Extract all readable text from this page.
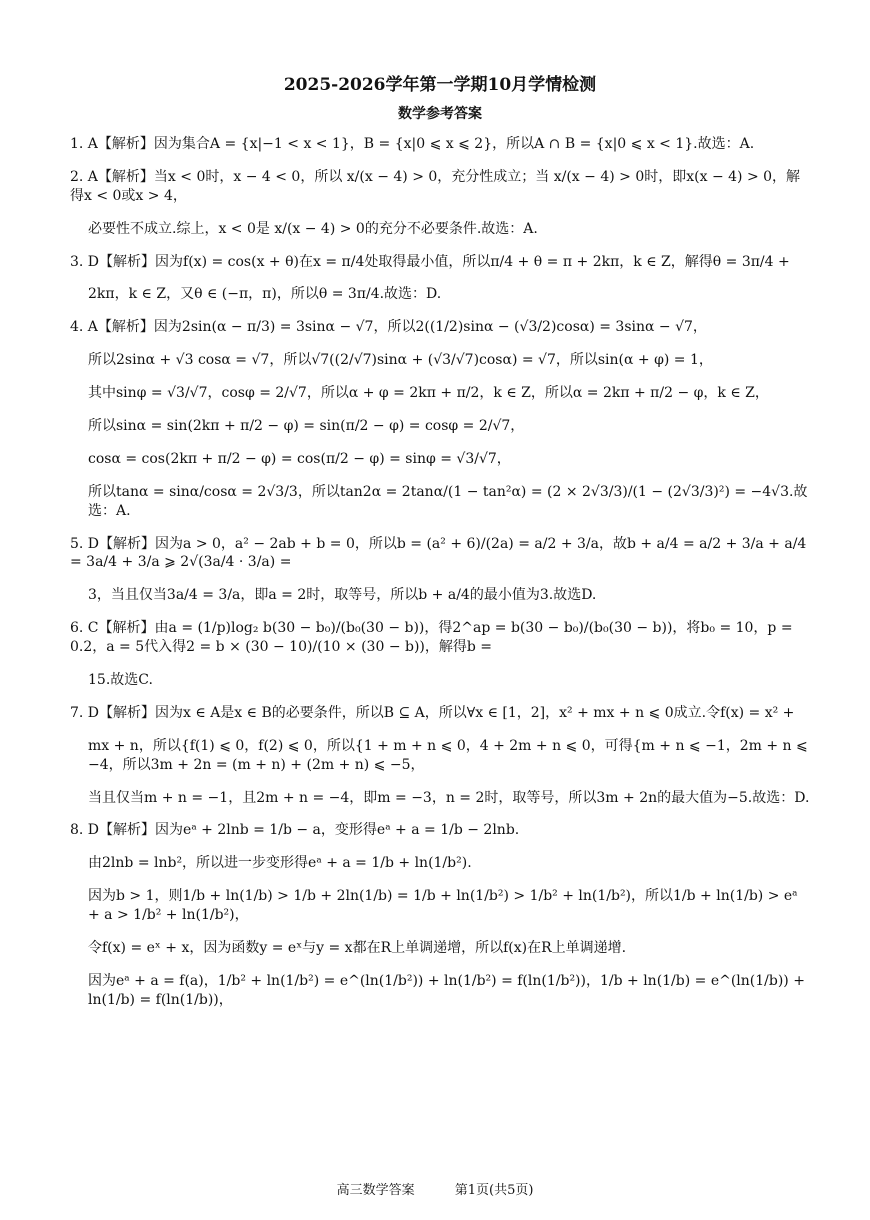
2025-2026学年第一学期10月学情检测
数学参考答案
1. A【解析】因为集合A = {x|−1 < x < 1}，B = {x|0 ⩽ x ⩽ 2}，所以A ∩ B = {x|0 ⩽ x < 1}.故选：A.
2. A【解析】当x < 0时，x − 4 < 0，所以 x/(x − 4) > 0，充分性成立；当 x/(x − 4) > 0时，即x(x − 4) > 0，解得x < 0或x > 4，
必要性不成立.综上，x < 0是 x/(x − 4) > 0的充分不必要条件.故选：A.
3. D【解析】因为f(x) = cos(x + θ)在x = π/4处取得最小值，所以π/4 + θ = π + 2kπ，k ∈ Z，解得θ = 3π/4 +
2kπ，k ∈ Z，又θ ∈ (−π，π)，所以θ = 3π/4.故选：D.
4. A【解析】因为2sin(α − π/3) = 3sinα − √7，所以2((1/2)sinα − (√3/2)cosα) = 3sinα − √7，
所以2sinα + √3 cosα = √7，所以√7((2/√7)sinα + (√3/√7)cosα) = √7，所以sin(α + φ) = 1，
其中sinφ = √3/√7，cosφ = 2/√7，所以α + φ = 2kπ + π/2，k ∈ Z，所以α = 2kπ + π/2 − φ，k ∈ Z，
所以sinα = sin(2kπ + π/2 − φ) = sin(π/2 − φ) = cosφ = 2/√7，
cosα = cos(2kπ + π/2 − φ) = cos(π/2 − φ) = sinφ = √3/√7，
所以tanα = sinα/cosα = 2√3/3，所以tan2α = 2tanα/(1 − tan²α) = (2 × 2√3/3)/(1 − (2√3/3)²) = −4√3.故选：A.
5. D【解析】因为a > 0，a² − 2ab + b = 0，所以b = (a² + 6)/(2a) = a/2 + 3/a，故b + a/4 = a/2 + 3/a + a/4 = 3a/4 + 3/a ⩾ 2√(3a/4 · 3/a) =
3，当且仅当3a/4 = 3/a，即a = 2时，取等号，所以b + a/4的最小值为3.故选D.
6. C【解析】由a = (1/p)log₂ b(30 − b₀)/(b₀(30 − b))，得2^ap = b(30 − b₀)/(b₀(30 − b))，将b₀ = 10，p = 0.2，a = 5代入得2 = b × (30 − 10)/(10 × (30 − b))，解得b =
15.故选C.
7. D【解析】因为x ∈ A是x ∈ B的必要条件，所以B ⊆ A，所以∀x ∈ [1，2]，x² + mx + n ⩽ 0成立.令f(x) = x² +
mx + n，所以{f(1) ⩽ 0，f(2) ⩽ 0，所以{1 + m + n ⩽ 0，4 + 2m + n ⩽ 0，可得{m + n ⩽ −1，2m + n ⩽ −4，所以3m + 2n = (m + n) + (2m + n) ⩽ −5，
当且仅当m + n = −1，且2m + n = −4，即m = −3，n = 2时，取等号，所以3m + 2n的最大值为−5.故选：D.
8. D【解析】因为eᵃ + 2lnb = 1/b − a，变形得eᵃ + a = 1/b − 2lnb.
由2lnb = lnb²，所以进一步变形得eᵃ + a = 1/b + ln(1/b²).
因为b > 1，则1/b + ln(1/b) > 1/b + 2ln(1/b) = 1/b + ln(1/b²) > 1/b² + ln(1/b²)，所以1/b + ln(1/b) > eᵃ + a > 1/b² + ln(1/b²)，
令f(x) = eˣ + x，因为函数y = eˣ与y = x都在R上单调递增，所以f(x)在R上单调递增.
因为eᵃ + a = f(a)，1/b² + ln(1/b²) = e^(ln(1/b²)) + ln(1/b²) = f(ln(1/b²))，1/b + ln(1/b) = e^(ln(1/b)) + ln(1/b) = f(ln(1/b))，
高三数学答案	第1页(共5页)
